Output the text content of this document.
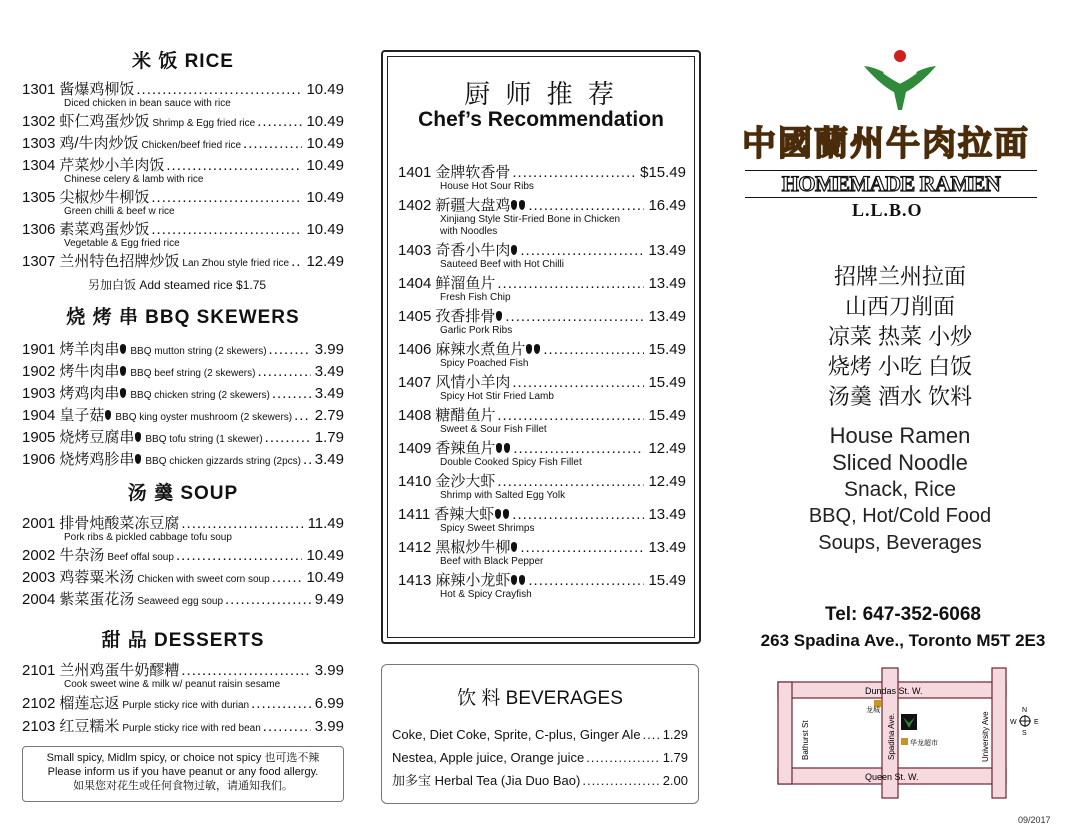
米 饭 RICE
1301 酱爆鸡柳饭 .....	10.49
Diced chicken in bean sauce with rice
1302 虾仁鸡蛋炒饭 Shrimp & Egg fried rice .....	10.49
1303 鸡/牛肉炒饭 Chicken/beef fried rice .....	10.49
1304 芹菜炒小羊肉饭 .....	10.49
Chinese celery & lamb with rice
1305 尖椒炒牛柳饭 .....	10.49
Green chilli & beef w rice
1306 素菜鸡蛋炒饭 .....	10.49
Vegetable & Egg fried rice
1307 兰州特色招牌炒饭 Lan Zhou style fried rice ..... 12.49
另加白饭 Add steamed rice $1.75
烧 烤 串 BBQ SKEWERS
1901 烤羊肉串 BBQ mutton string (2 skewers) .....	3.99
1902 烤牛肉串 BBQ beef string (2 skewers) .....	3.49
1903 烤鸡肉串 BBQ chicken string (2 skewers) .....	3.49
1904 皇子菇 BBQ king oyster mushroom (2 skewers) ..... 2.79
1905 烧烤豆腐串 BBQ tofu string (1 skewer) .....	1.79
1906 烧烤鸡胗串 BBQ chicken gizzards string (2pcs) ..... 3.49
汤 羹 SOUP
2001 排骨炖酸菜冻豆腐 .....	11.49
Pork ribs & pickled cabbage tofu soup
2002 牛杂汤 Beef offal soup .....	10.49
2003 鸡蓉粟米汤 Chicken with sweet corn soup ..... 10.49
2004 紫菜蛋花汤 Seaweed egg soup .....	9.49
甜 品 DESSERTS
2101 兰州鸡蛋牛奶醪糟 .....	3.99
Cook sweet wine & milk w/ peanut raisin sesame
2102 榴莲忘返 Purple sticky rice with durian .....	6.99
2103 红豆糯米 Purple sticky rice with red bean .....	3.99
Small spicy, Midlm spicy, or choice not spicy 也可选不辣
Please inform us if you have peanut or any food allergy.
如果您对花生或任何食物过敏，请通知我们。
厨 师 推 荐
Chef’s Recommendation
1401 金牌软香骨 .....	$15.49
House Hot Sour Ribs
1402 新疆大盘鸡 .....	16.49
Xinjiang Style Stir-Fried Bone in Chicken with Noodles
1403 奇香小牛肉 .....	13.49
Sauteed Beef with Hot Chilli
1404 鲜溜鱼片 .....	13.49
Fresh Fish Chip
1405 孜香排骨 .....	13.49
Garlic Pork Ribs
1406 麻辣水煮鱼片 .....	15.49
Spicy Poached Fish
1407 风情小羊肉 .....	15.49
Spicy Hot Stir Fried Lamb
1408 糖醋鱼片 .....	15.49
Sweet & Sour Fish Fillet
1409 香辣鱼片 .....	12.49
Double Cooked Spicy Fish Fillet
1410 金沙大虾 .....	12.49
Shrimp with Salted Egg Yolk
1411 香辣大虾 .....	13.49
Spicy Sweet Shrimps
1412 黑椒炒牛柳 .....	13.49
Beef with Black Pepper
1413 麻辣小龙虾 .....	15.49
Hot & Spicy Crayfish
饮 料 BEVERAGES
Coke, Diet Coke, Sprite, C-plus, Ginger Ale ..... 1.29
Nestea, Apple juice, Orange juice .....	1.79
加多宝 Herbal Tea (Jia Duo Bao) .....	2.00
中國蘭州牛肉拉面
HOMEMADE RAMEN
L.L.B.O
招牌兰州拉面
山西刀削面
凉菜 热菜 小炒
烧烤 小吃 白饭
汤羹 酒水 饮料
House Ramen
Sliced Noodle
Snack, Rice
BBQ, Hot/Cold Food
Soups, Beverages
Tel: 647-352-6068
263 Spadina Ave., Toronto M5T 2E3
Dundas St. W.
Queen St. W.
Bathurst St	Spadina Ave.	University Ave
龙城
华龙超市
N
S
W E
09/2017
